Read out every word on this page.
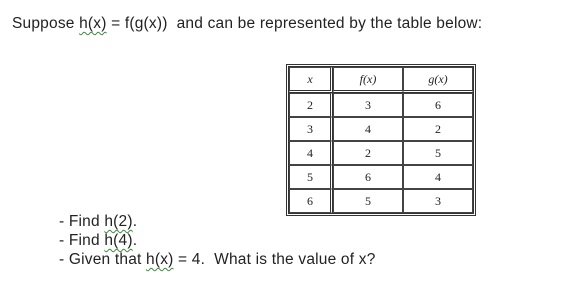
Suppose h(x) = f(g(x))  and can be represented by the table below:
x	f(x)	g(x)
2	3	6
3	4	2
4	2	5
5	6	4
6	5	3
- Find h(2).
- Find h(4).
- Given that h(x) = 4.  What is the value of x?
